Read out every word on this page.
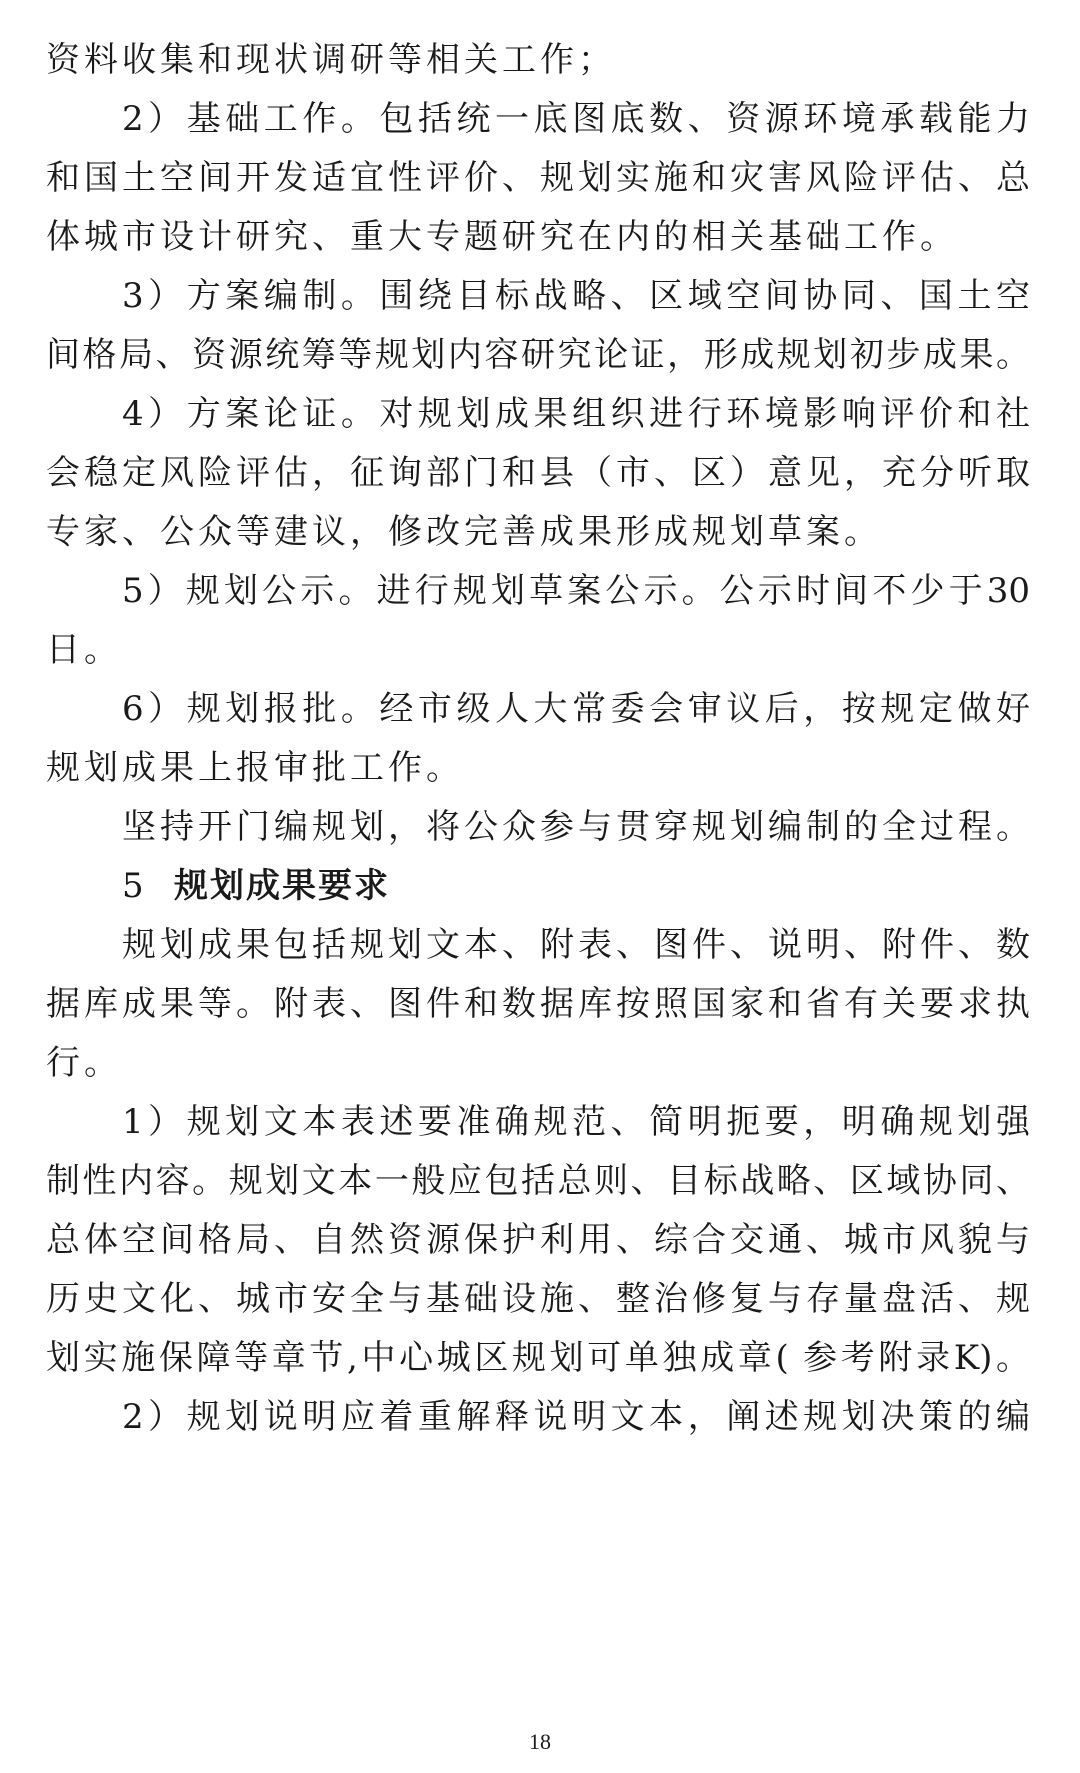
资料收集和现状调研等相关工作；
2）基础工作。包括统一底图底数、资源环境承载能力
和国土空间开发适宜性评价、规划实施和灾害风险评估、总
体城市设计研究、重大专题研究在内的相关基础工作。
3）方案编制。围绕目标战略、区域空间协同、国土空
间格局、资源统筹等规划内容研究论证，形成规划初步成果。
4）方案论证。对规划成果组织进行环境影响评价和社
会稳定风险评估，征询部门和县（市、区）意见，充分听取
专家、公众等建议，修改完善成果形成规划草案。
5）规划公示。进行规划草案公示。公示时间不少于30
日。
6）规划报批。经市级人大常委会审议后，按规定做好
规划成果上报审批工作。
坚持开门编规划，将公众参与贯穿规划编制的全过程。
5 规划成果要求
规划成果包括规划文本、附表、图件、说明、附件、数
据库成果等。附表、图件和数据库按照国家和省有关要求执
行。
1）规划文本表述要准确规范、简明扼要，明确规划强
制性内容。规划文本一般应包括总则、目标战略、区域协同、
总体空间格局、自然资源保护利用、综合交通、城市风貌与
历史文化、城市安全与基础设施、整治修复与存量盘活、规
划实施保障等章节,中心城区规划可单独成章( 参考附录K)。
2）规划说明应着重解释说明文本，阐述规划决策的编
18
